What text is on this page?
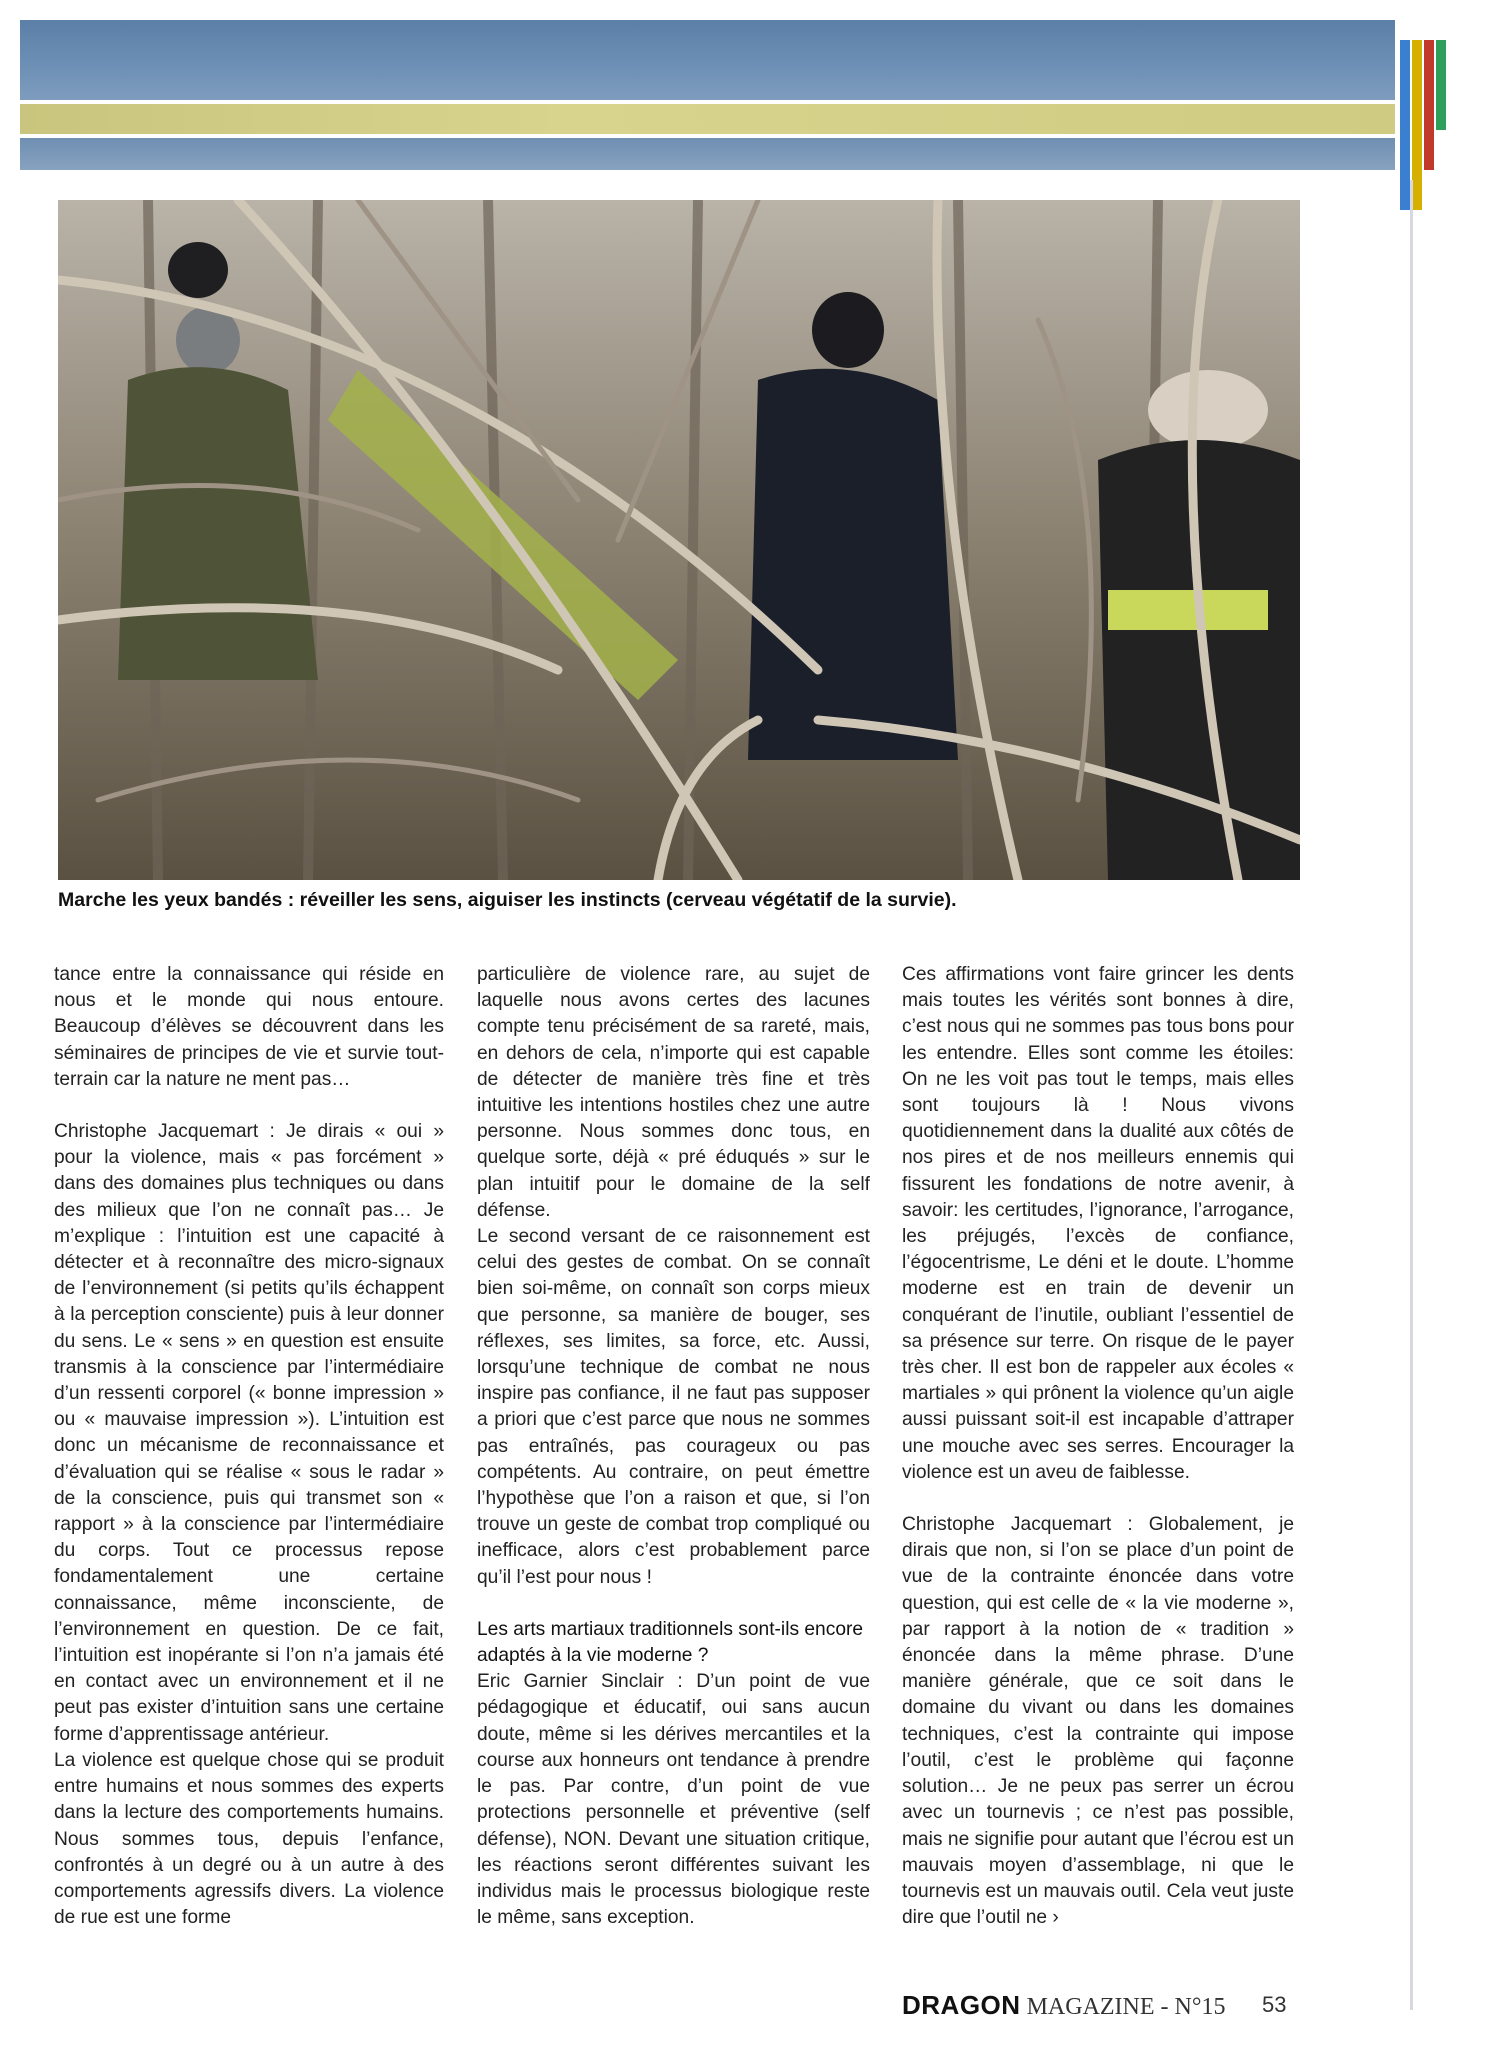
Marche les yeux bandés : réveiller les sens, aiguiser les instincts (cerveau végétatif de la survie).

tance entre la connaissance qui réside en nous et le monde qui nous entoure. Beaucoup d’élèves se découvrent dans les séminaires de principes de vie et survie tout-terrain car la nature ne ment pas…

Christophe Jacquemart : Je dirais « oui » pour la violence, mais « pas forcément » dans des domaines plus techniques ou dans des milieux que l’on ne connaît pas… Je m’explique : l’intuition est une capacité à détecter et à reconnaître des micro-signaux de l’environnement (si petits qu’ils échappent à la perception consciente) puis à leur donner du sens. Le « sens » en question est ensuite transmis à la conscience par l’intermédiaire d’un ressenti corporel (« bonne impression » ou « mauvaise impression »). L’intuition est donc un mécanisme de reconnaissance et d’évaluation qui se réalise « sous le radar » de la conscience, puis qui transmet son « rapport » à la conscience par l’intermédiaire du corps. Tout ce processus repose fondamentalement une certaine connaissance, même inconsciente, de l’environnement en question. De ce fait, l’intuition est inopérante si l’on n’a jamais été en contact avec un environnement et il ne peut pas exister d’intuition sans une certaine forme d’apprentissage antérieur.

La violence est quelque chose qui se produit entre humains et nous sommes des experts dans la lecture des comportements humains. Nous sommes tous, depuis l’enfance, confrontés à un degré ou à un autre à des comportements agressifs divers. La violence de rue est une forme

particulière de violence rare, au sujet de laquelle nous avons certes des lacunes compte tenu précisément de sa rareté, mais, en dehors de cela, n’importe qui est capable de détecter de manière très fine et très intuitive les intentions hostiles chez une autre personne. Nous sommes donc tous, en quelque sorte, déjà « pré éduqués » sur le plan intuitif pour le domaine de la self défense.

Le second versant de ce raisonnement est celui des gestes de combat. On se connaît bien soi-même, on connaît son corps mieux que personne, sa manière de bouger, ses réflexes, ses limites, sa force, etc. Aussi, lorsqu’une technique de combat ne nous inspire pas confiance, il ne faut pas supposer a priori que c’est parce que nous ne sommes pas entraînés, pas courageux ou pas compétents. Au contraire, on peut émettre l’hypothèse que l’on a raison et que, si l’on trouve un geste de combat trop compliqué ou inefficace, alors c’est probablement parce qu’il l’est pour nous !

Les arts martiaux traditionnels sont-ils encore adaptés à la vie moderne ?

Eric Garnier Sinclair : D’un point de vue pédagogique et éducatif, oui sans aucun doute, même si les dérives mercantiles et la course aux honneurs ont tendance à prendre le pas. Par contre, d’un point de vue protections personnelle et préventive (self défense), NON. Devant une situation critique, les réactions seront différentes suivant les individus mais le processus biologique reste le même, sans exception.

Ces affirmations vont faire grincer les dents mais toutes les vérités sont bonnes à dire, c’est nous qui ne sommes pas tous bons pour les entendre. Elles sont comme les étoiles: On ne les voit pas tout le temps, mais elles sont toujours là ! Nous vivons quotidiennement dans la dualité aux côtés de nos pires et de nos meilleurs ennemis qui fissurent les fondations de notre avenir, à savoir: les certitudes, l’ignorance, l’arrogance, les préjugés, l’excès de confiance, l’égocentrisme, Le déni et le doute. L’homme moderne est en train de devenir un conquérant de l’inutile, oubliant l’essentiel de sa présence sur terre. On risque de le payer très cher. Il est bon de rappeler aux écoles « martiales » qui prônent la violence qu’un aigle aussi puissant soit-il est incapable d’attraper une mouche avec ses serres. Encourager la violence est un aveu de faiblesse.

Christophe Jacquemart : Globalement, je dirais que non, si l’on se place d’un point de vue de la contrainte énoncée dans votre question, qui est celle de « la vie moderne », par rapport à la notion de « tradition » énoncée dans la même phrase. D’une manière générale, que ce soit dans le domaine du vivant ou dans les domaines techniques, c’est la contrainte qui impose l’outil, c’est le problème qui façonne solution… Je ne peux pas serrer un écrou avec un tournevis ; ce n’est pas possible, mais ne signifie pour autant que l’écrou est un mauvais moyen d’assemblage, ni que le tournevis est un mauvais outil. Cela veut juste dire que l’outil ne ›

DRAGON MAGAZINE - N°15 53
